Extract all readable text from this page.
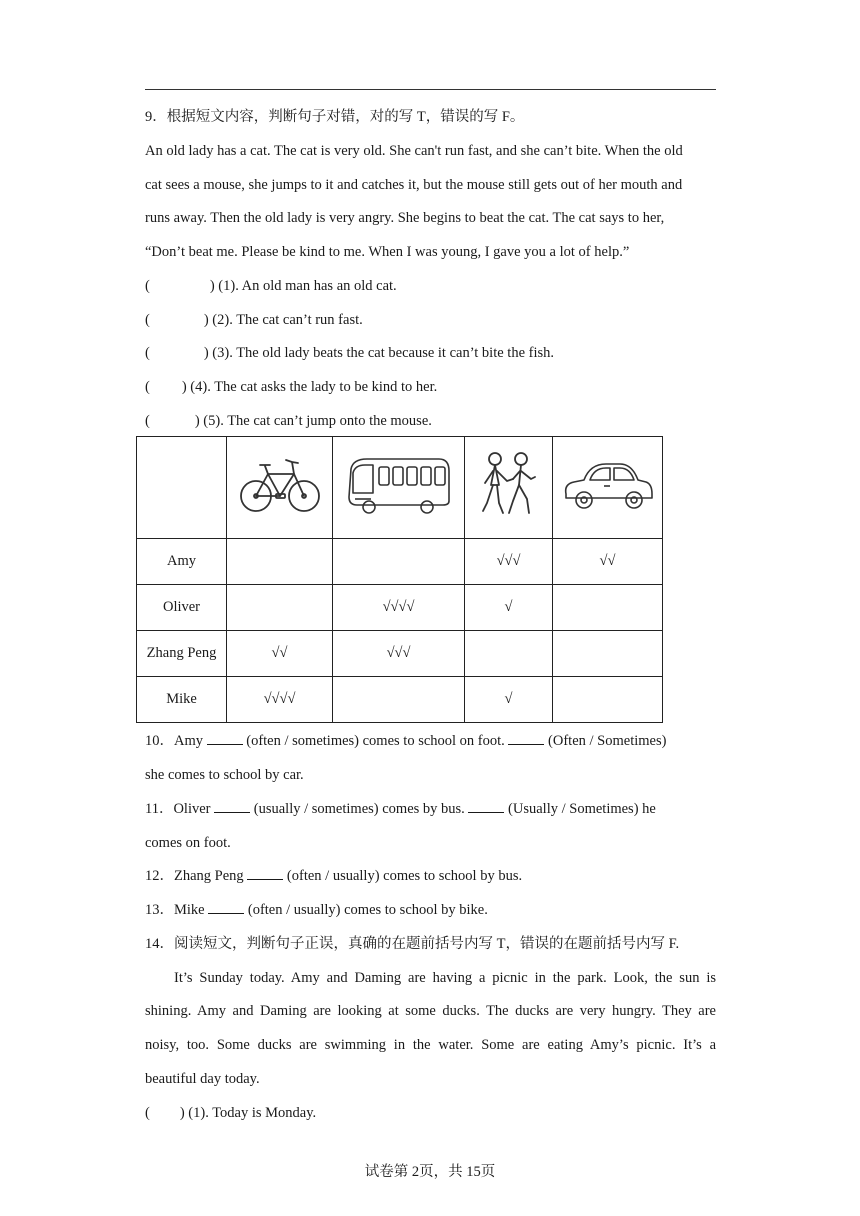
9．根据短文内容，判断句子对错，对的写 T，错误的写 F。
An old lady has a cat. The cat is very old. She can't run fast, and she can’t bite. When the old
cat sees a mouse, she jumps to it and catches it, but the mouse still gets out of her mouth and
runs away. Then the old lady is very angry. She begins to beat the cat. The cat says to her,
“Don’t beat me. Please be kind to me. When I was young, I gave you a lot of help.”
(	) (1). An old man has an old cat.
(	) (2). The cat can’t run fast.
(	) (3). The old lady beats the cat because it can’t bite the fish.
( ) (4). The cat asks the lady to be kind to her.
(	) (5). The cat can’t jump onto the mouse.

Amy			√√√	√√
Oliver		√√√√	√	
Zhang Peng	√√	√√√		
Mike	√√√√		√	
10．Amy	(often / sometimes) comes to school on foot.	(Often / Sometimes)
she comes to school by car.
11．Oliver	(usually / sometimes) comes by bus.	(Usually / Sometimes) he
comes on foot.
12．Zhang Peng	(often / usually) comes to school by bus.
13．Mike	(often / usually) comes to school by bike.
14．阅读短文，判断句子正误，真确的在题前括号内写 T，错误的在题前括号内写 F.
It’s Sunday today. Amy and Daming are having a picnic in the park. Look, the sun is
shining. Amy and Daming are looking at some ducks. The ducks are very hungry. They are
noisy, too. Some ducks are swimming in the water. Some are eating Amy’s picnic. It’s a
beautiful day today.
( ) (1). Today is Monday.
试卷第 2页，共 15页
